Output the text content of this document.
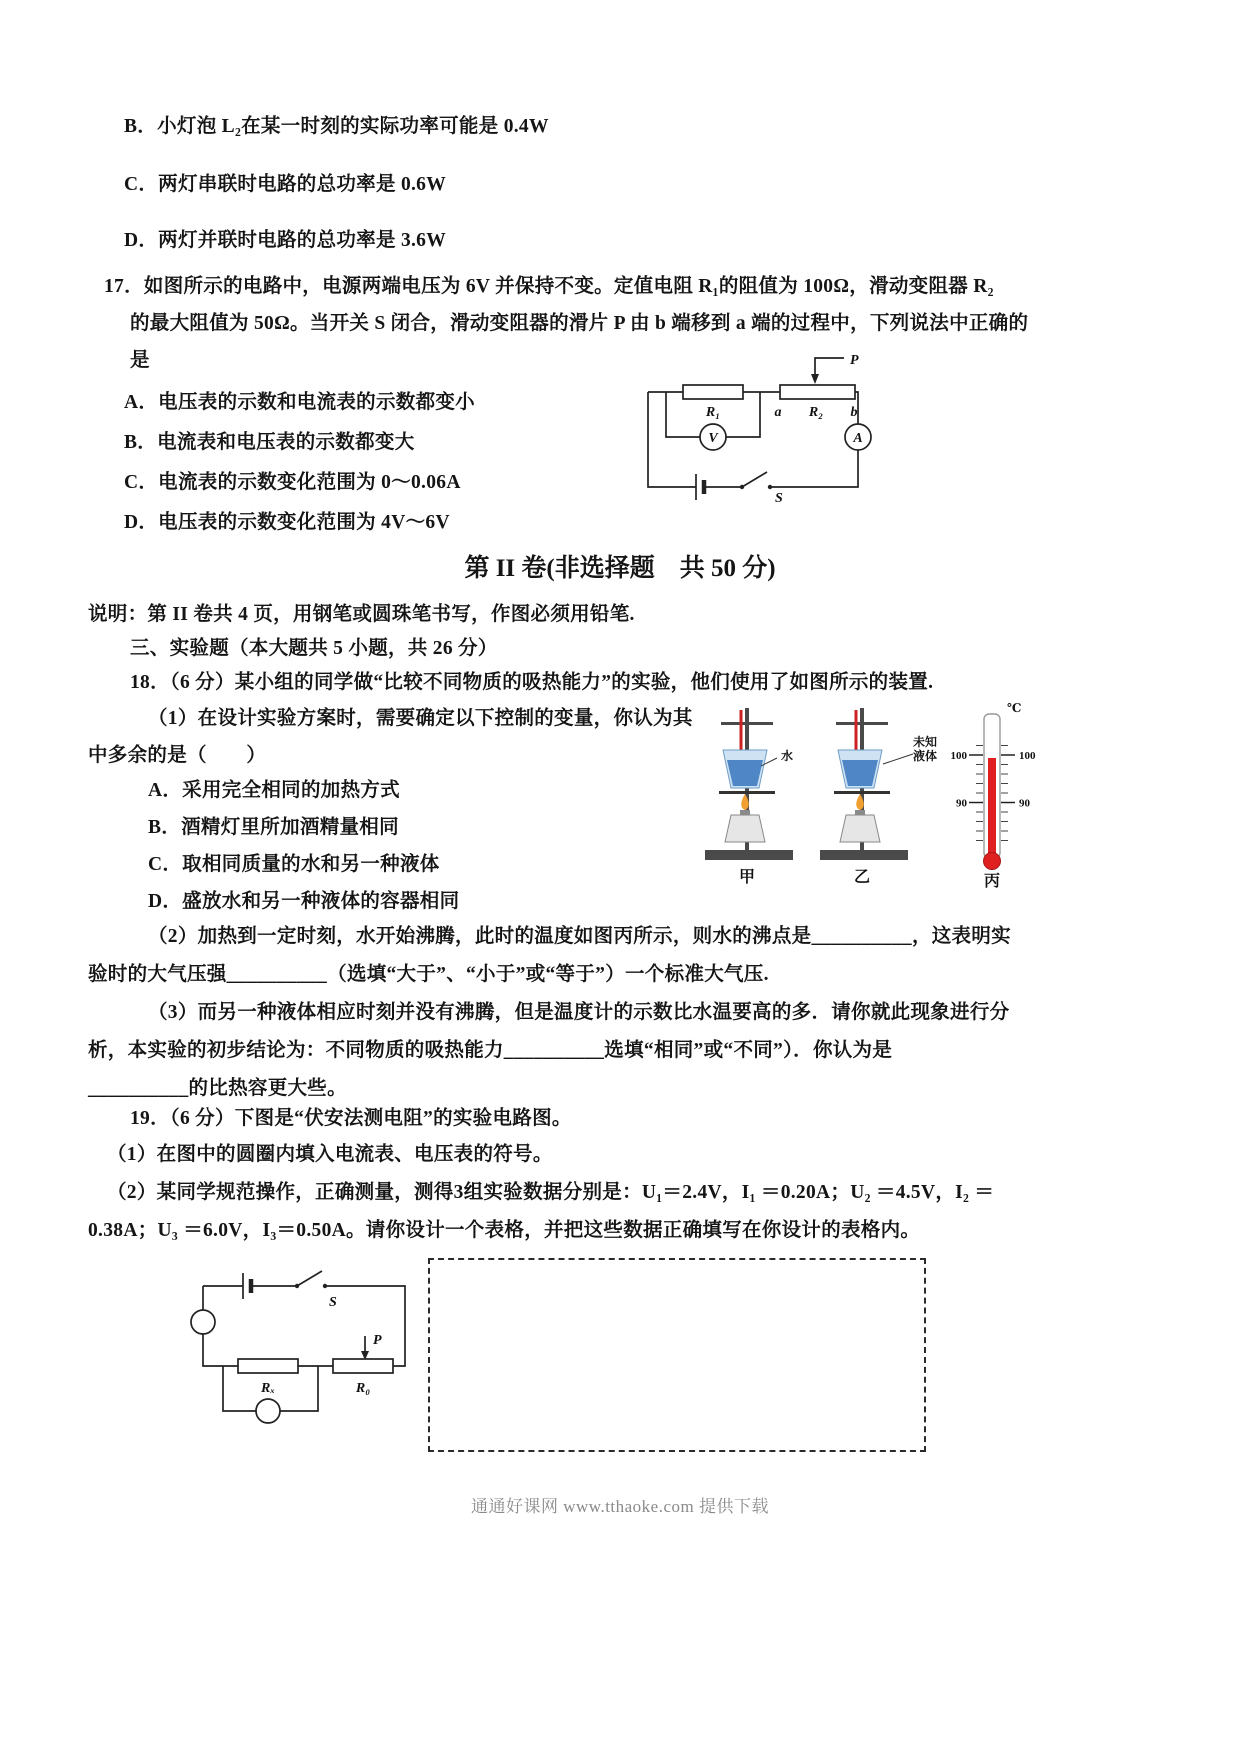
B．小灯泡 L₂在某一时刻的实际功率可能是 0.4W
C．两灯串联时电路的总功率是 0.6W
D．两灯并联时电路的总功率是 3.6W
17．如图所示的电路中，电源两端电压为 6V 并保持不变。定值电阻 R₁的阻值为 100Ω，滑动变阻器 R₂
的最大阻值为 50Ω。当开关 S 闭合，滑动变阻器的滑片 P 由 b 端移到 a 端的过程中，下列说法中正确的
是
A．电压表的示数和电流表的示数都变小
B．电流表和电压表的示数都变大
C．电流表的示数变化范围为 0～0.06A
D．电压表的示数变化范围为 4V～6V
R₁
V	A
a R₂ b
P
S
第 II 卷(非选择题　共 50 分)
说明：第 II 卷共 4 页，用钢笔或圆珠笔书写，作图必须用铅笔.
三、实验题（本大题共 5 小题，共 26 分）
18．（6 分）某小组的同学做“比较不同物质的吸热能力”的实验，他们使用了如图所示的装置.
（1）在设计实验方案时，需要确定以下控制的变量，你认为其
中多余的是（　　）
A．采用完全相同的加热方式
B．酒精灯里所加酒精量相同
C．取相同质量的水和另一种液体
D．盛放水和另一种液体的容器相同
水
未知
液体 100
90
100
90
℃
甲	乙	丙
（2）加热到一定时刻，水开始沸腾，此时的温度如图丙所示，则水的沸点是__________，这表明实
验时的大气压强__________（选填“大于”、“小于”或“等于”）一个标准大气压.
（3）而另一种液体相应时刻并没有沸腾，但是温度计的示数比水温要高的多．请你就此现象进行分
析，本实验的初步结论为：不同物质的吸热能力__________选填“相同”或“不同”）．你认为是
__________的比热容更大些。
19．（6 分）下图是“伏安法测电阻”的实验电路图。
（1）在图中的圆圈内填入电流表、电压表的符号。
（2）某同学规范操作，正确测量，测得3组实验数据分别是：U₁＝2.4V，I₁ ＝0.20A；U₂ ＝4.5V，I₂ ＝
0.38A；U₃ ＝6.0V，I₃＝0.50A。请你设计一个表格，并把这些数据正确填写在你设计的表格内。
S
Rₓ	R₀
P
通通好课网 www.tthaoke.com 提供下载
